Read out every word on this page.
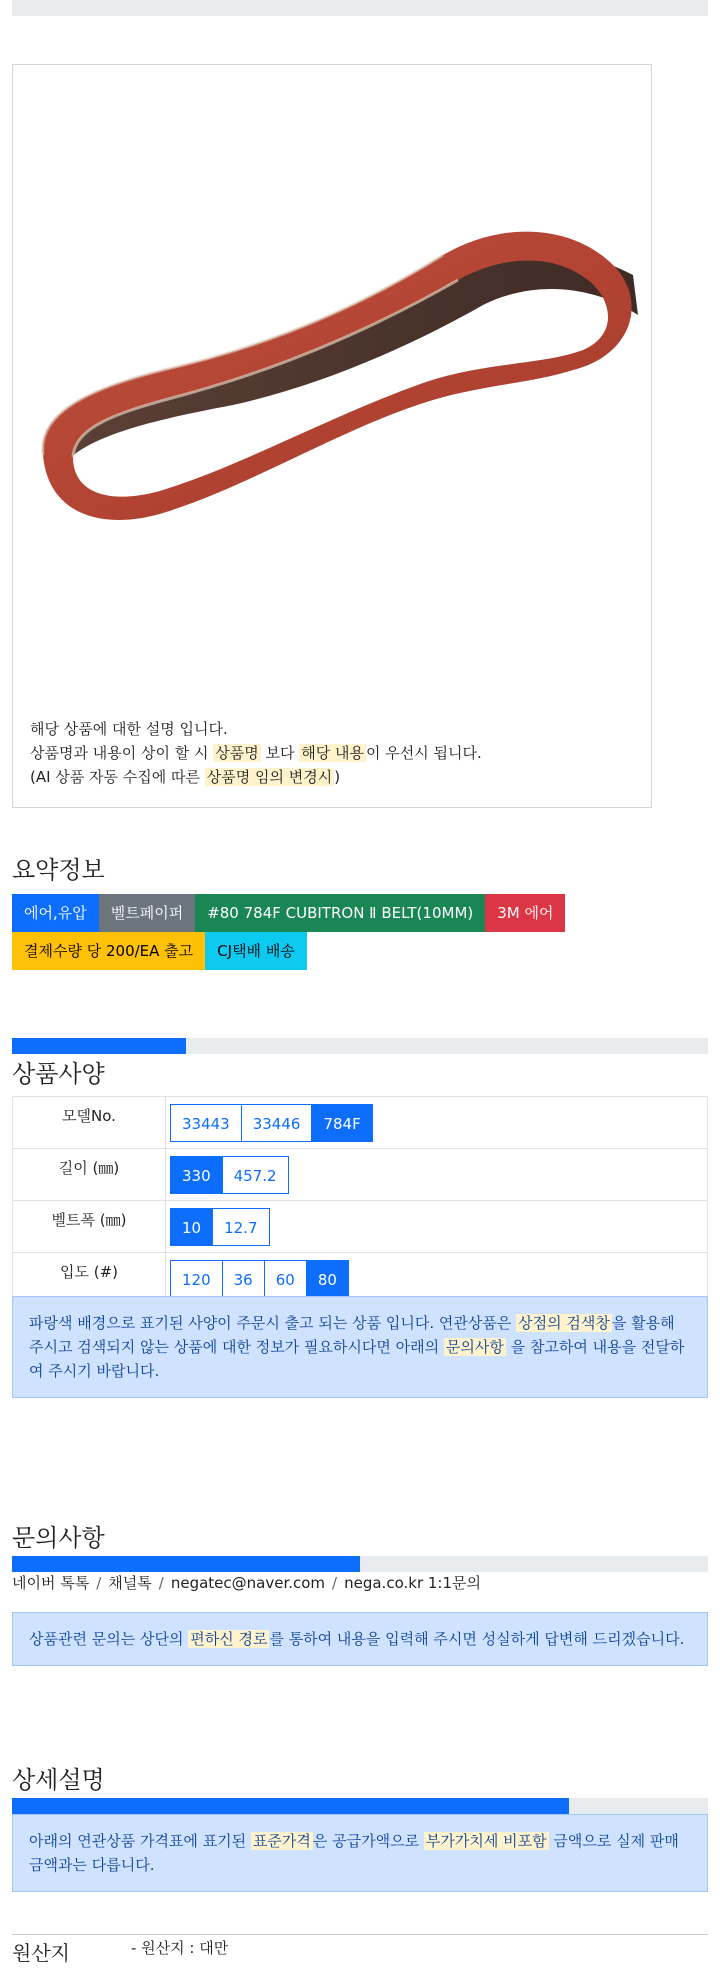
해당 상품에 대한 설명 입니다.

상품명과 내용이 상이 할 시 상품명 보다 해당 내용 이 우선시 됩니다.

(AI 상품 자동 수집에 따른 상품명 임의 변경시 )

요약정보
에어,유압	벨트페이퍼	#80 784F CUBITRON Ⅱ BELT(10MM)	3M 에어
결제수량 당 200/EA 출고	CJ택배 배송
상품사양
모델No.	33443 33446 784F

길이 (㎜)	330 457.2

벨트폭 (㎜)	10 12.7

입도 (#)	120 36 60 80
파랑색 배경으로 표기된 사양이 주문시 출고 되는 상품 입니다. 연관상품은 상점의 검색창 을 활용해 주시고 검색되지 않는 상품에 대한 정보가 필요하시다면 아래의 문의사항 을 참고하여 내용을 전달하여 주시기 바랍니다.
문의사항
네이버 톡톡 / 채널톡 / negatec@naver.com / nega.co.kr 1:1문의
상품관련 문의는 상단의 편하신 경로 를 통하여 내용을 입력해 주시면 성실하게 답변해 드리겠습니다.
상세설명
아래의 연관상품 가격표에 표기된 표준가격 은 공급가액으로 부가가치세 비포함 금액으로 실제 판매금액과는 다릅니다.
원산지	- 원산지 : 대만
